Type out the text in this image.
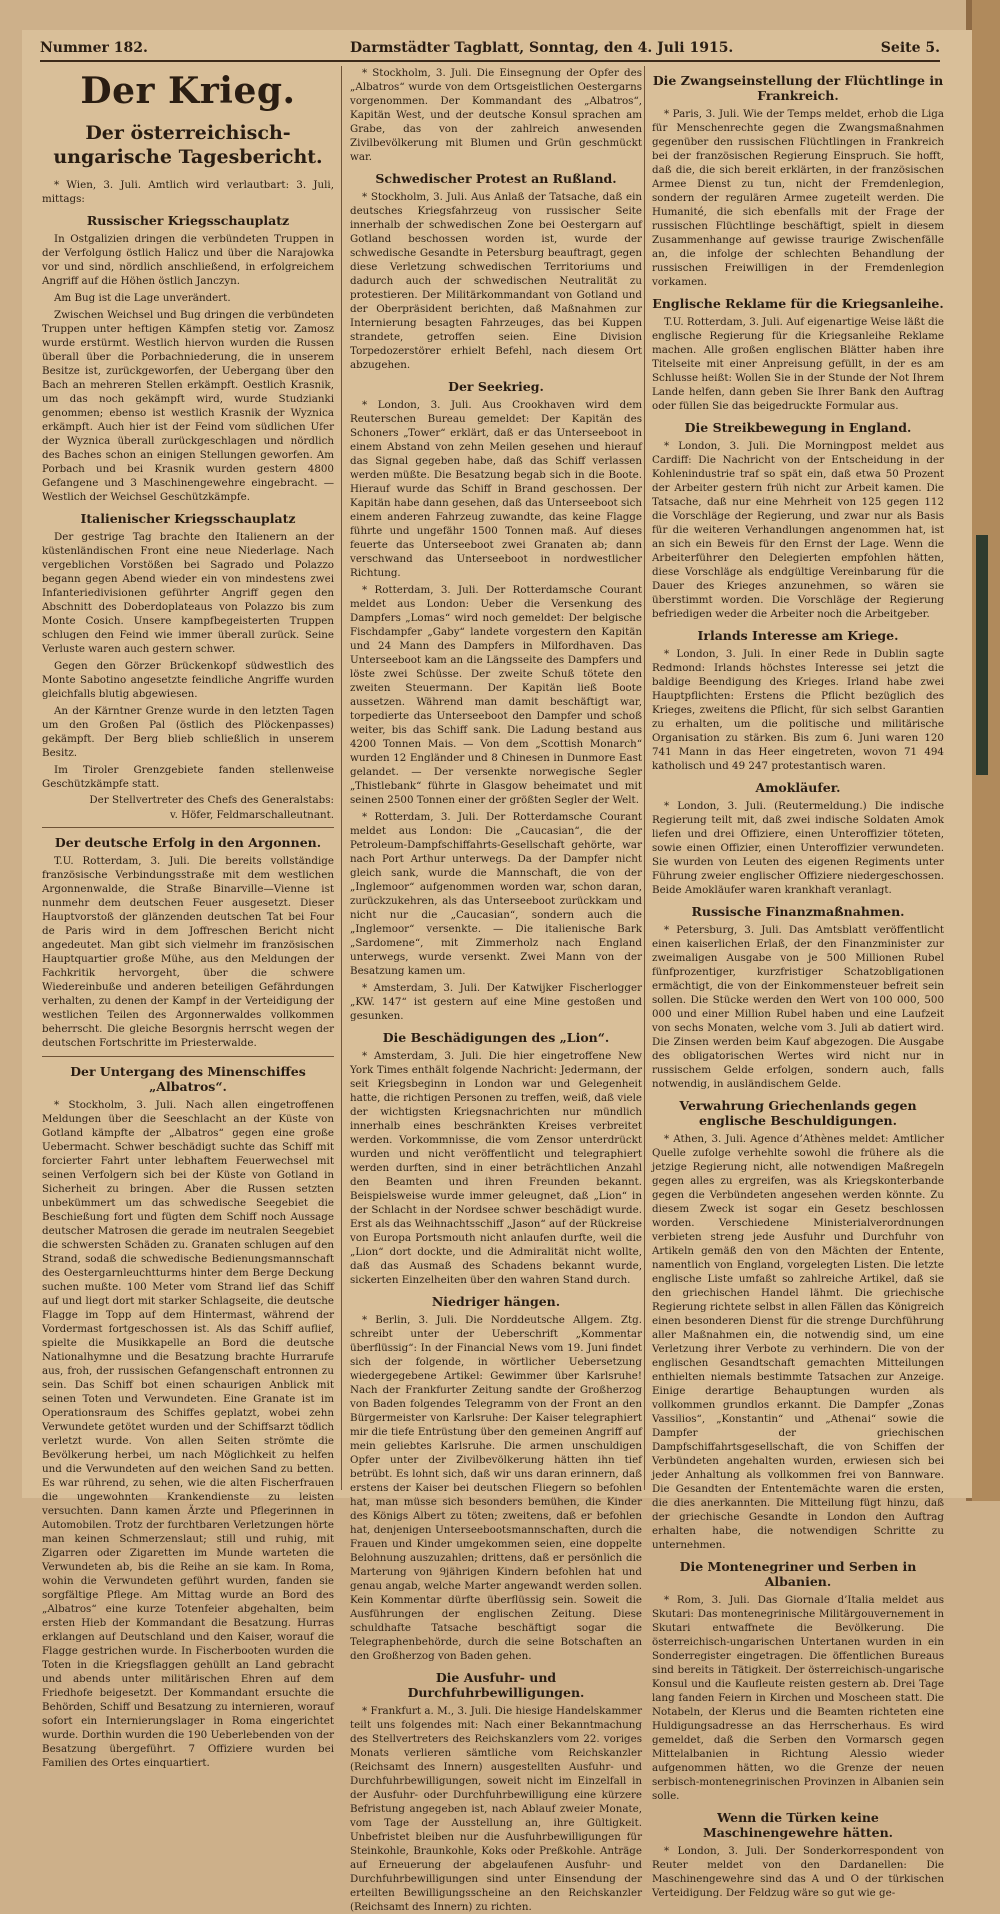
Nummer 182.	Darmstädter Tagblatt, Sonntag, den 4. Juli 1915.	Seite 5.
Der Krieg.
Der österreichisch-ungarische Tagesbericht.

* Wien, 3. Juli. Amtlich wird verlautbart: 3. Juli, mittags:

Russischer Kriegsschauplatz

In Ostgalizien dringen die verbündeten Truppen in der Verfolgung östlich Halicz und über die Narajowka vor und sind, nördlich anschließend, in erfolgreichem Angriff auf die Höhen östlich Janczyn.

Am Bug ist die Lage unverändert.

Zwischen Weichsel und Bug dringen die verbündeten Truppen unter heftigen Kämpfen stetig vor. Zamosz wurde erstürmt. Westlich hiervon wurden die Russen überall über die Porbachniederung, die in unserem Besitze ist, zurückgeworfen, der Uebergang über den Bach an mehreren Stellen erkämpft. Oestlich Krasnik, um das noch gekämpft wird, wurde Studzianki genommen; ebenso ist westlich Krasnik der Wyznica erkämpft. Auch hier ist der Feind vom südlichen Ufer der Wyznica überall zurückgeschlagen und nördlich des Baches schon an einigen Stellungen geworfen. Am Porbach und bei Krasnik wurden gestern 4800 Gefangene und 3 Maschinengewehre eingebracht. — Westlich der Weichsel Geschützkämpfe.

Italienischer Kriegsschauplatz

Der gestrige Tag brachte den Italienern an der küstenländischen Front eine neue Niederlage. Nach vergeblichen Vorstößen bei Sagrado und Polazzo begann gegen Abend wieder ein von mindestens zwei Infanteriedivisionen geführter Angriff gegen den Abschnitt des Doberdoplateaus von Polazzo bis zum Monte Cosich. Unsere kampfbegeisterten Truppen schlugen den Feind wie immer überall zurück. Seine Verluste waren auch gestern schwer.

Gegen den Görzer Brückenkopf südwestlich des Monte Sabotino angesetzte feindliche Angriffe wurden gleichfalls blutig abgewiesen.

An der Kärntner Grenze wurde in den letzten Tagen um den Großen Pal (östlich des Plöckenpasses) gekämpft. Der Berg blieb schließlich in unserem Besitz.

Im Tiroler Grenzgebiete fanden stellenweise Geschützkämpfe statt.

Der Stellvertreter des Chefs des Generalstabs:
v. Höfer, Feldmarschalleutnant.
Der deutsche Erfolg in den Argonnen.

T.U. Rotterdam, 3. Juli. Die bereits vollständige französische Verbindungsstraße mit dem westlichen Argonnenwalde, die Straße Binarville—Vienne ist nunmehr dem deutschen Feuer ausgesetzt. Dieser Hauptvorstoß der glänzenden deutschen Tat bei Four de Paris wird in dem Joffreschen Bericht nicht angedeutet. Man gibt sich vielmehr im französischen Hauptquartier große Mühe, aus den Meldungen der Fachkritik hervorgeht, über die schwere Wiedereinbuße und anderen beteiligen Gefährdungen verhalten, zu denen der Kampf in der Verteidigung der westlichen Teilen des Argonnerwaldes vollkommen beherrscht. Die gleiche Besorgnis herrscht wegen der deutschen Fortschritte im Priesterwalde.

Der Untergang des Minenschiffes „Albatros“.

* Stockholm, 3. Juli. Nach allen eingetroffenen Meldungen über die Seeschlacht an der Küste von Gotland kämpfte der „Albatros“ gegen eine große Uebermacht. Schwer beschädigt suchte das Schiff mit forcierter Fahrt unter lebhaftem Feuerwechsel mit seinen Verfolgern sich bei der Küste von Gotland in Sicherheit zu bringen. Aber die Russen setzten unbekümmert um das schwedische Seegebiet die Beschießung fort und fügten dem Schiff noch Aussage deutscher Matrosen die gerade im neutralen Seegebiet die schwersten Schäden zu. Granaten schlugen auf den Strand, sodaß die schwedische Bedienungsmannschaft des Oestergarnleuchtturms hinter dem Berge Deckung suchen mußte. 100 Meter vom Strand lief das Schiff auf und liegt dort mit starker Schlagseite, die deutsche Flagge im Topp auf dem Hintermast, während der Vordermast fortgeschossen ist. Als das Schiff auflief, spielte die Musikkapelle an Bord die deutsche Nationalhymne und die Besatzung brachte Hurrarufe aus, froh, der russischen Gefangenschaft entronnen zu sein. Das Schiff bot einen schaurigen Anblick mit seinen Toten und Verwundeten. Eine Granate ist im Operationsraum des Schiffes geplatzt, wobei zehn Verwundete getötet wurden und der Schiffsarzt tödlich verletzt wurde. Von allen Seiten strömte die Bevölkerung herbei, um nach Möglichkeit zu helfen und die Verwundeten auf den weichen Sand zu betten. Es war rührend, zu sehen, wie die alten Fischerfrauen die ungewohnten Krankendienste zu leisten versuchten. Dann kamen Ärzte und Pflegerinnen in Automobilen. Trotz der furchtbaren Verletzungen hörte man keinen Schmerzenslaut; still und ruhig, mit Zigarren oder Zigaretten im Munde warteten die Verwundeten ab, bis die Reihe an sie kam. In Roma, wohin die Verwundeten geführt wurden, fanden sie sorgfältige Pflege. Am Mittag wurde an Bord des „Albatros“ eine kurze Totenfeier abgehalten, beim ersten Hieb der Kommandant die Besatzung. Hurras erklangen auf Deutschland und den Kaiser, worauf die Flagge gestrichen wurde. In Fischerbooten wurden die Toten in die Kriegsflaggen gehüllt an Land gebracht und abends unter militärischen Ehren auf dem Friedhofe beigesetzt. Der Kommandant ersuchte die Behörden, Schiff und Besatzung zu internieren, worauf sofort ein Internierungslager in Roma eingerichtet wurde. Dorthin wurden die 190 Ueberlebenden von der Besatzung übergeführt. 7 Offiziere wurden bei Familien des Ortes einquartiert.

* Stockholm, 3. Juli. Die Einsegnung der Opfer des „Albatros“ wurde von dem Ortsgeistlichen Oestergarns vorgenommen. Der Kommandant des „Albatros“, Kapitän West, und der deutsche Konsul sprachen am Grabe, das von der zahlreich anwesenden Zivilbevölkerung mit Blumen und Grün geschmückt war.

Schwedischer Protest an Rußland.

* Stockholm, 3. Juli. Aus Anlaß der Tatsache, daß ein deutsches Kriegsfahrzeug von russischer Seite innerhalb der schwedischen Zone bei Oestergarn auf Gotland beschossen worden ist, wurde der schwedische Gesandte in Petersburg beauftragt, gegen diese Verletzung schwedischen Territoriums und dadurch auch der schwedischen Neutralität zu protestieren. Der Militärkommandant von Gotland und der Oberpräsident berichten, daß Maßnahmen zur Internierung besagten Fahrzeuges, das bei Kuppen strandete, getroffen seien. Eine Division Torpedozerstörer erhielt Befehl, nach diesem Ort abzugehen.

Der Seekrieg.

* London, 3. Juli. Aus Crookhaven wird dem Reuterschen Bureau gemeldet: Der Kapitän des Schoners „Tower“ erklärt, daß er das Unterseeboot in einem Abstand von zehn Meilen gesehen und hierauf das Signal gegeben habe, daß das Schiff verlassen werden müßte. Die Besatzung begab sich in die Boote. Hierauf wurde das Schiff in Brand geschossen. Der Kapitän habe dann gesehen, daß das Unterseeboot sich einem anderen Fahrzeug zuwandte, das keine Flagge führte und ungefähr 1500 Tonnen maß. Auf dieses feuerte das Unterseeboot zwei Granaten ab; dann verschwand das Unterseeboot in nordwestlicher Richtung.

* Rotterdam, 3. Juli. Der Rotterdamsche Courant meldet aus London: Ueber die Versenkung des Dampfers „Lomas“ wird noch gemeldet: Der belgische Fischdampfer „Gaby“ landete vorgestern den Kapitän und 24 Mann des Dampfers in Milfordhaven. Das Unterseeboot kam an die Längsseite des Dampfers und löste zwei Schüsse. Der zweite Schuß tötete den zweiten Steuermann. Der Kapitän ließ Boote aussetzen. Während man damit beschäftigt war, torpedierte das Unterseeboot den Dampfer und schoß weiter, bis das Schiff sank. Die Ladung bestand aus 4200 Tonnen Mais. — Von dem „Scottish Monarch“ wurden 12 Engländer und 8 Chinesen in Dunmore East gelandet. — Der versenkte norwegische Segler „Thistlebank“ führte in Glasgow beheimatet und mit seinen 2500 Tonnen einer der größten Segler der Welt.

* Rotterdam, 3. Juli. Der Rotterdamsche Courant meldet aus London: Die „Caucasian“, die der Petroleum-Dampfschiffahrts-Gesellschaft gehörte, war nach Port Arthur unterwegs. Da der Dampfer nicht gleich sank, wurde die Mannschaft, die von der „Inglemoor“ aufgenommen worden war, schon daran, zurückzukehren, als das Unterseeboot zurückkam und nicht nur die „Caucasian“, sondern auch die „Inglemoor“ versenkte. — Die italienische Bark „Sardomene“, mit Zimmerholz nach England unterwegs, wurde versenkt. Zwei Mann von der Besatzung kamen um.

* Amsterdam, 3. Juli. Der Katwijker Fischerlogger „KW. 147“ ist gestern auf eine Mine gestoßen und gesunken.

Die Beschädigungen des „Lion“.

* Amsterdam, 3. Juli. Die hier eingetroffene New York Times enthält folgende Nachricht: Jedermann, der seit Kriegsbeginn in London war und Gelegenheit hatte, die richtigen Personen zu treffen, weiß, daß viele der wichtigsten Kriegsnachrichten nur mündlich innerhalb eines beschränkten Kreises verbreitet werden. Vorkommnisse, die vom Zensor unterdrückt wurden und nicht veröffentlicht und telegraphiert werden durften, sind in einer beträchtlichen Anzahl den Beamten und ihren Freunden bekannt. Beispielsweise wurde immer geleugnet, daß „Lion“ in der Schlacht in der Nordsee schwer beschädigt wurde. Erst als das Weihnachtsschiff „Jason“ auf der Rückreise von Europa Portsmouth nicht anlaufen durfte, weil die „Lion“ dort dockte, und die Admiralität nicht wollte, daß das Ausmaß des Schadens bekannt wurde, sickerten Einzelheiten über den wahren Stand durch.

Niedriger hängen.

* Berlin, 3. Juli. Die Norddeutsche Allgem. Ztg. schreibt unter der Ueberschrift „Kommentar überflüssig“: In der Financial News vom 19. Juni findet sich der folgende, in wörtlicher Uebersetzung wiedergegebene Artikel: Gewimmer über Karlsruhe! Nach der Frankfurter Zeitung sandte der Großherzog von Baden folgendes Telegramm von der Front an den Bürgermeister von Karlsruhe: Der Kaiser telegraphiert mir die tiefe Entrüstung über den gemeinen Angriff auf mein geliebtes Karlsruhe. Die armen unschuldigen Opfer unter der Zivilbevölkerung hätten ihn tief betrübt. Es lohnt sich, daß wir uns daran erinnern, daß erstens der Kaiser bei deutschen Fliegern so befohlen hat, man müsse sich besonders bemühen, die Kinder des Königs Albert zu töten; zweitens, daß er befohlen hat, denjenigen Unterseebootsmannschaften, durch die Frauen und Kinder umgekommen seien, eine doppelte Belohnung auszuzahlen; drittens, daß er persönlich die Marterung von 9jährigen Kindern befohlen hat und genau angab, welche Marter angewandt werden sollen. Kein Kommentar dürfte überflüssig sein. Soweit die Ausführungen der englischen Zeitung. Diese schuldhafte Tatsache beschäftigt sogar die Telegraphenbehörde, durch die seine Botschaften an den Großherzog von Baden gehen.

Die Ausfuhr- und Durchfuhrbewilligungen.

* Frankfurt a. M., 3. Juli. Die hiesige Handelskammer teilt uns folgendes mit: Nach einer Bekanntmachung des Stellvertreters des Reichskanzlers vom 22. voriges Monats verlieren sämtliche vom Reichskanzler (Reichsamt des Innern) ausgestellten Ausfuhr- und Durchfuhrbewilligungen, soweit nicht im Einzelfall in der Ausfuhr- oder Durchfuhrbewilligung eine kürzere Befristung angegeben ist, nach Ablauf zweier Monate, vom Tage der Ausstellung an, ihre Gültigkeit. Unbefristet bleiben nur die Ausfuhrbewilligungen für Steinkohle, Braunkohle, Koks oder Preßkohle. Anträge auf Erneuerung der abgelaufenen Ausfuhr- und Durchfuhrbewilligungen sind unter Einsendung der erteilten Bewilligungsscheine an den Reichskanzler (Reichsamt des Innern) zu richten.

Die Zwangseinstellung der Flüchtlinge in Frankreich.

* Paris, 3. Juli. Wie der Temps meldet, erhob die Liga für Menschenrechte gegen die Zwangsmaßnahmen gegenüber den russischen Flüchtlingen in Frankreich bei der französischen Regierung Einspruch. Sie hofft, daß die, die sich bereit erklärten, in der französischen Armee Dienst zu tun, nicht der Fremdenlegion, sondern der regulären Armee zugeteilt werden. Die Humanité, die sich ebenfalls mit der Frage der russischen Flüchtlinge beschäftigt, spielt in diesem Zusammenhange auf gewisse traurige Zwischenfälle an, die infolge der schlechten Behandlung der russischen Freiwilligen in der Fremdenlegion vorkamen.

Englische Reklame für die Kriegsanleihe.

T.U. Rotterdam, 3. Juli. Auf eigenartige Weise läßt die englische Regierung für die Kriegsanleihe Reklame machen. Alle großen englischen Blätter haben ihre Titelseite mit einer Anpreisung gefüllt, in der es am Schlusse heißt: Wollen Sie in der Stunde der Not Ihrem Lande helfen, dann geben Sie Ihrer Bank den Auftrag oder füllen Sie das beigedruckte Formular aus.

Die Streikbewegung in England.

* London, 3. Juli. Die Morningpost meldet aus Cardiff: Die Nachricht von der Entscheidung in der Kohlenindustrie traf so spät ein, daß etwa 50 Prozent der Arbeiter gestern früh nicht zur Arbeit kamen. Die Tatsache, daß nur eine Mehrheit von 125 gegen 112 die Vorschläge der Regierung, und zwar nur als Basis für die weiteren Verhandlungen angenommen hat, ist an sich ein Beweis für den Ernst der Lage. Wenn die Arbeiterführer den Delegierten empfohlen hätten, diese Vorschläge als endgültige Vereinbarung für die Dauer des Krieges anzunehmen, so wären sie überstimmt worden. Die Vorschläge der Regierung befriedigen weder die Arbeiter noch die Arbeitgeber.

Irlands Interesse am Kriege.

* London, 3. Juli. In einer Rede in Dublin sagte Redmond: Irlands höchstes Interesse sei jetzt die baldige Beendigung des Krieges. Irland habe zwei Hauptpflichten: Erstens die Pflicht bezüglich des Krieges, zweitens die Pflicht, für sich selbst Garantien zu erhalten, um die politische und militärische Organisation zu stärken. Bis zum 6. Juni waren 120 741 Mann in das Heer eingetreten, wovon 71 494 katholisch und 49 247 protestantisch waren.

Amokläufer.

* London, 3. Juli. (Reutermeldung.) Die indische Regierung teilt mit, daß zwei indische Soldaten Amok liefen und drei Offiziere, einen Unteroffizier töteten, sowie einen Offizier, einen Unteroffizier verwundeten. Sie wurden von Leuten des eigenen Regiments unter Führung zweier englischer Offiziere niedergeschossen. Beide Amokläufer waren krankhaft veranlagt.

Russische Finanzmaßnahmen.

* Petersburg, 3. Juli. Das Amtsblatt veröffentlicht einen kaiserlichen Erlaß, der den Finanzminister zur zweimaligen Ausgabe von je 500 Millionen Rubel fünfprozentiger, kurzfristiger Schatzobligationen ermächtigt, die von der Einkommensteuer befreit sein sollen. Die Stücke werden den Wert von 100 000, 500 000 und einer Million Rubel haben und eine Laufzeit von sechs Monaten, welche vom 3. Juli ab datiert wird. Die Zinsen werden beim Kauf abgezogen. Die Ausgabe des obligatorischen Wertes wird nicht nur in russischem Gelde erfolgen, sondern auch, falls notwendig, in ausländischem Gelde.

Verwahrung Griechenlands gegen englische Beschuldigungen.

* Athen, 3. Juli. Agence d’Athènes meldet: Amtlicher Quelle zufolge verhehlte sowohl die frühere als die jetzige Regierung nicht, alle notwendigen Maßregeln gegen alles zu ergreifen, was als Kriegskonterbande gegen die Verbündeten angesehen werden könnte. Zu diesem Zweck ist sogar ein Gesetz beschlossen worden. Verschiedene Ministerialverordnungen verbieten streng jede Ausfuhr und Durchfuhr von Artikeln gemäß den von den Mächten der Entente, namentlich von England, vorgelegten Listen. Die letzte englische Liste umfaßt so zahlreiche Artikel, daß sie den griechischen Handel lähmt. Die griechische Regierung richtete selbst in allen Fällen das Königreich einen besonderen Dienst für die strenge Durchführung aller Maßnahmen ein, die notwendig sind, um eine Verletzung ihrer Verbote zu verhindern. Die von der englischen Gesandtschaft gemachten Mitteilungen enthielten niemals bestimmte Tatsachen zur Anzeige. Einige derartige Behauptungen wurden als vollkommen grundlos erkannt. Die Dampfer „Zonas Vassilios“, „Konstantin“ und „Athenai“ sowie die Dampfer der griechischen Dampfschiffahrtsgesellschaft, die von Schiffen der Verbündeten angehalten wurden, erwiesen sich bei jeder Anhaltung als vollkommen frei von Bannware. Die Gesandten der Ententemächte waren die ersten, die dies anerkannten. Die Mitteilung fügt hinzu, daß der griechische Gesandte in London den Auftrag erhalten habe, die notwendigen Schritte zu unternehmen.

Die Montenegriner und Serben in Albanien.

* Rom, 3. Juli. Das Giornale d’Italia meldet aus Skutari: Das montenegrinische Militärgouvernement in Skutari entwaffnete die Bevölkerung. Die österreichisch-ungarischen Untertanen wurden in ein Sonderregister eingetragen. Die öffentlichen Bureaus sind bereits in Tätigkeit. Der österreichisch-ungarische Konsul und die Kaufleute reisten gestern ab. Drei Tage lang fanden Feiern in Kirchen und Moscheen statt. Die Notabeln, der Klerus und die Beamten richteten eine Huldigungsadresse an das Herrscherhaus. Es wird gemeldet, daß die Serben den Vormarsch gegen Mittelalbanien in Richtung Alessio wieder aufgenommen hätten, wo die Grenze der neuen serbisch-montenegrinischen Provinzen in Albanien sein solle.

Wenn die Türken keine Maschinengewehre hätten.

* London, 3. Juli. Der Sonderkorrespondent von Reuter meldet von den Dardanellen: Die Maschinengewehre sind das A und O der türkischen Verteidigung. Der Feldzug wäre so gut wie ge-
